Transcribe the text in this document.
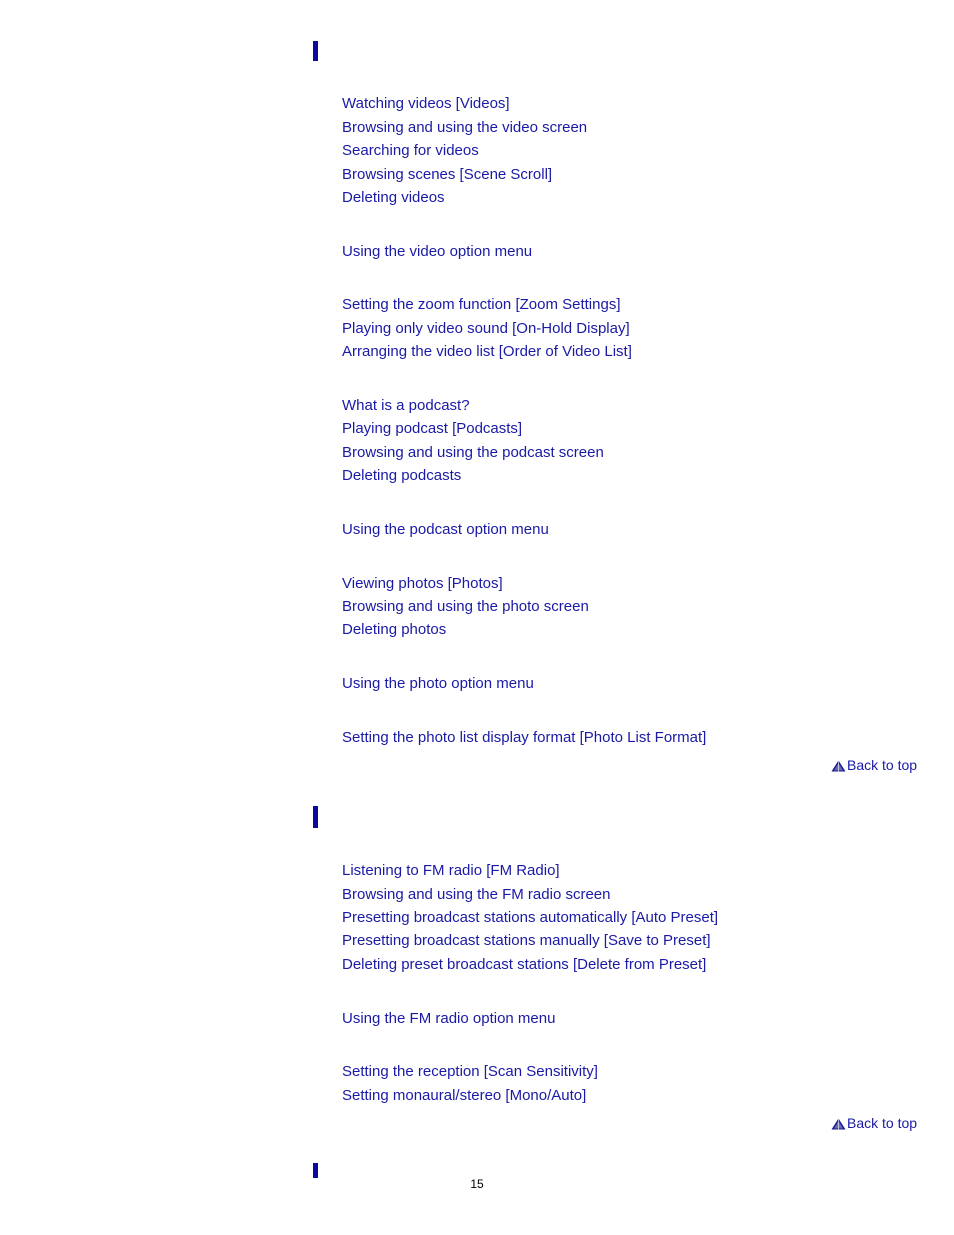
Watching videos [Videos]
Browsing and using the video screen
Searching for videos
Browsing scenes [Scene Scroll]
Deleting videos
Using the video option menu
Setting the zoom function [Zoom Settings]
Playing only video sound [On-Hold Display]
Arranging the video list [Order of Video List]
What is a podcast?
Playing podcast [Podcasts]
Browsing and using the podcast screen
Deleting podcasts
Using the podcast option menu
Viewing photos [Photos]
Browsing and using the photo screen
Deleting photos
Using the photo option menu
Setting the photo list display format [Photo List Format]
Back to top
Listening to FM radio [FM Radio]
Browsing and using the FM radio screen
Presetting broadcast stations automatically [Auto Preset]
Presetting broadcast stations manually [Save to Preset]
Deleting preset broadcast stations [Delete from Preset]
Using the FM radio option menu
Setting the reception [Scan Sensitivity]
Setting monaural/stereo [Mono/Auto]
Back to top
15
